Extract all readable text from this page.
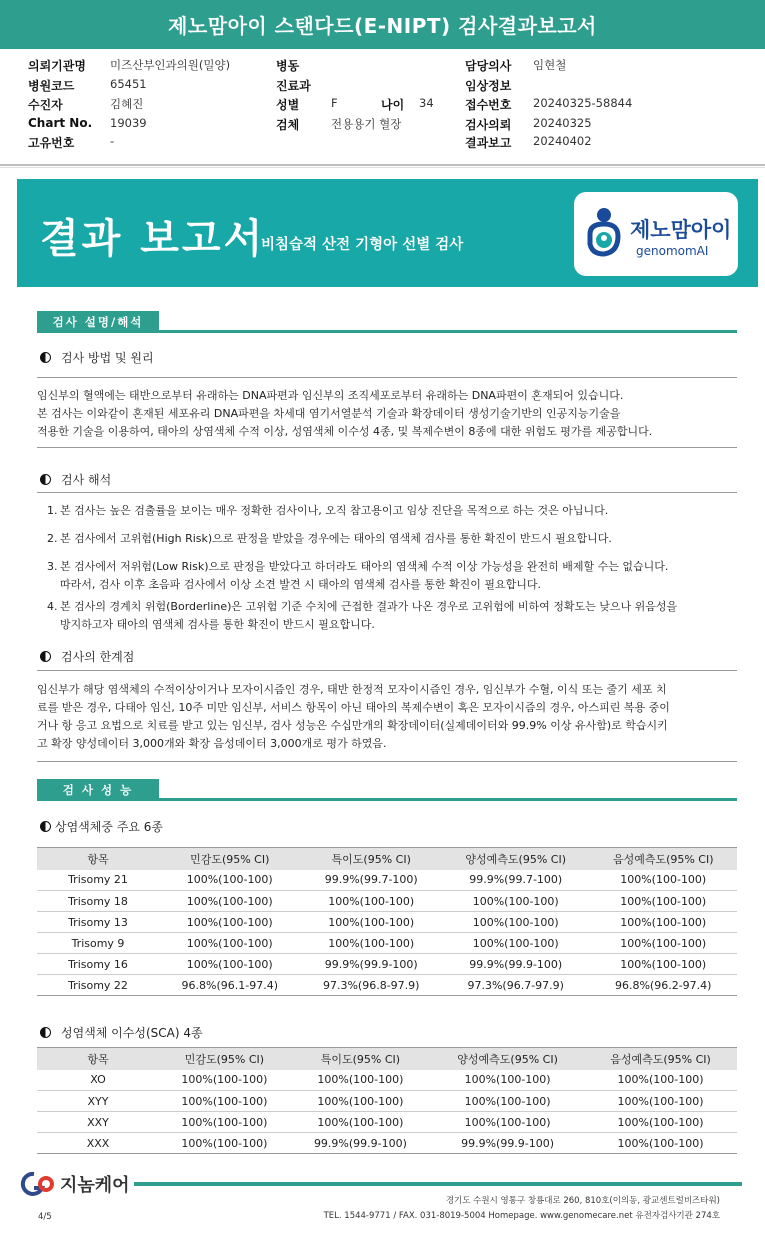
제노맘아이 스탠다드(E-NIPT) 검사결과보고서
의뢰기관명 미즈산부인과의원(밀양)
병원코드	65451
수진자	김혜진
Chart No. 19039
고유번호	-
병동
진료과
성별	F	나이 34
검체	전용용기 혈장
담당의사 임현철
임상정보
접수번호 20240325-58844
검사의뢰 20240325
결과보고 20240402
결과 보고서
비침습적 산전 기형아 선별 검사
제노맘아이
genomomAI
검사 설명/해석
검사 방법 및 원리

임신부의 혈액에는 태반으로부터 유래하는 DNA파편과 임신부의 조직세포로부터 유래하는 DNA파편이 혼재되어 있습니다.

본 검사는 이와같이 혼재된 세포유리 DNA파편을 차세대 염기서열분석 기술과 확장데이터 생성기술기반의 인공지능기술을

적용한 기술을 이용하여, 태아의 상염색체 수적 이상, 성염색체 이수성 4종, 및 복제수변이 8종에 대한 위험도 평가를 제공합니다.

검사 해석
1. 본 검사는 높은 검출률을 보이는 매우 정확한 검사이나, 오직 참고용이고 임상 진단을 목적으로 하는 것은 아닙니다.
2. 본 검사에서 고위험(High Risk)으로 판정을 받았을 경우에는 태아의 염색체 검사를 통한 확진이 반드시 필요합니다.
3. 본 검사에서 저위험(Low Risk)으로 판정을 받았다고 하더라도 태아의 염색체 수적 이상 가능성을 완전히 배제할 수는 없습니다.
따라서, 검사 이후 초음파 검사에서 이상 소견 발견 시 태아의 염색체 검사를 통한 확진이 필요합니다.
4. 본 검사의 경계치 위험(Borderline)은 고위험 기준 수치에 근접한 결과가 나온 경우로 고위험에 비하여 정확도는 낮으나 위음성을
방지하고자 태아의 염색체 검사를 통한 확진이 반드시 필요합니다.
검사의 한계점

임신부가 해당 염색체의 수적이상이거나 모자이시즘인 경우, 태반 한정적 모자이시즘인 경우, 임신부가 수혈, 이식 또는 줄기 세포 치

료를 받은 경우, 다태아 임신, 10주 미만 임신부, 서비스 항목이 아닌 태아의 복제수변이 혹은 모자이시즘의 경우, 아스피린 복용 중이

거나 항 응고 요법으로 치료를 받고 있는 임신부, 검사 성능은 수십만개의 확장데이터(실제데이터와 99.9% 이상 유사함)로 학습시키

고 확장 양성데이터 3,000개와 확장 음성데이터 3,000개로 평가 하였음.

검 사 성 능
상염색체중 주요 6종
항목	민감도(95% CI)	특이도(95% CI)	양성예측도(95% CI)	음성예측도(95% CI)
Trisomy 21	100%(100-100)	99.9%(99.7-100)	99.9%(99.7-100)	100%(100-100)
Trisomy 18	100%(100-100)	100%(100-100)	100%(100-100)	100%(100-100)
Trisomy 13	100%(100-100)	100%(100-100)	100%(100-100)	100%(100-100)
Trisomy 9	100%(100-100)	100%(100-100)	100%(100-100)	100%(100-100)
Trisomy 16	100%(100-100)	99.9%(99.9-100)	99.9%(99.9-100)	100%(100-100)
Trisomy 22	96.8%(96.1-97.4)	97.3%(96.8-97.9)	97.3%(96.7-97.9)	96.8%(96.2-97.4)
성염색체 이수성(SCA) 4종
항목	민감도(95% CI)	특이도(95% CI)	양성예측도(95% CI)	음성예측도(95% CI)
XO	100%(100-100)	100%(100-100)	100%(100-100)	100%(100-100)
XYY	100%(100-100)	100%(100-100)	100%(100-100)	100%(100-100)
XXY	100%(100-100)	100%(100-100)	100%(100-100)	100%(100-100)
XXX	100%(100-100)	99.9%(99.9-100)	99.9%(99.9-100)	100%(100-100)
지놈케어
경기도 수원시 영통구 창룡대로 260, 810호(이의동, 광교센트럴비즈타워)
TEL. 1544-9771 / FAX. 031-8019-5004 Homepage. www.genomecare.net 유전자검사기관 274호
4/5
